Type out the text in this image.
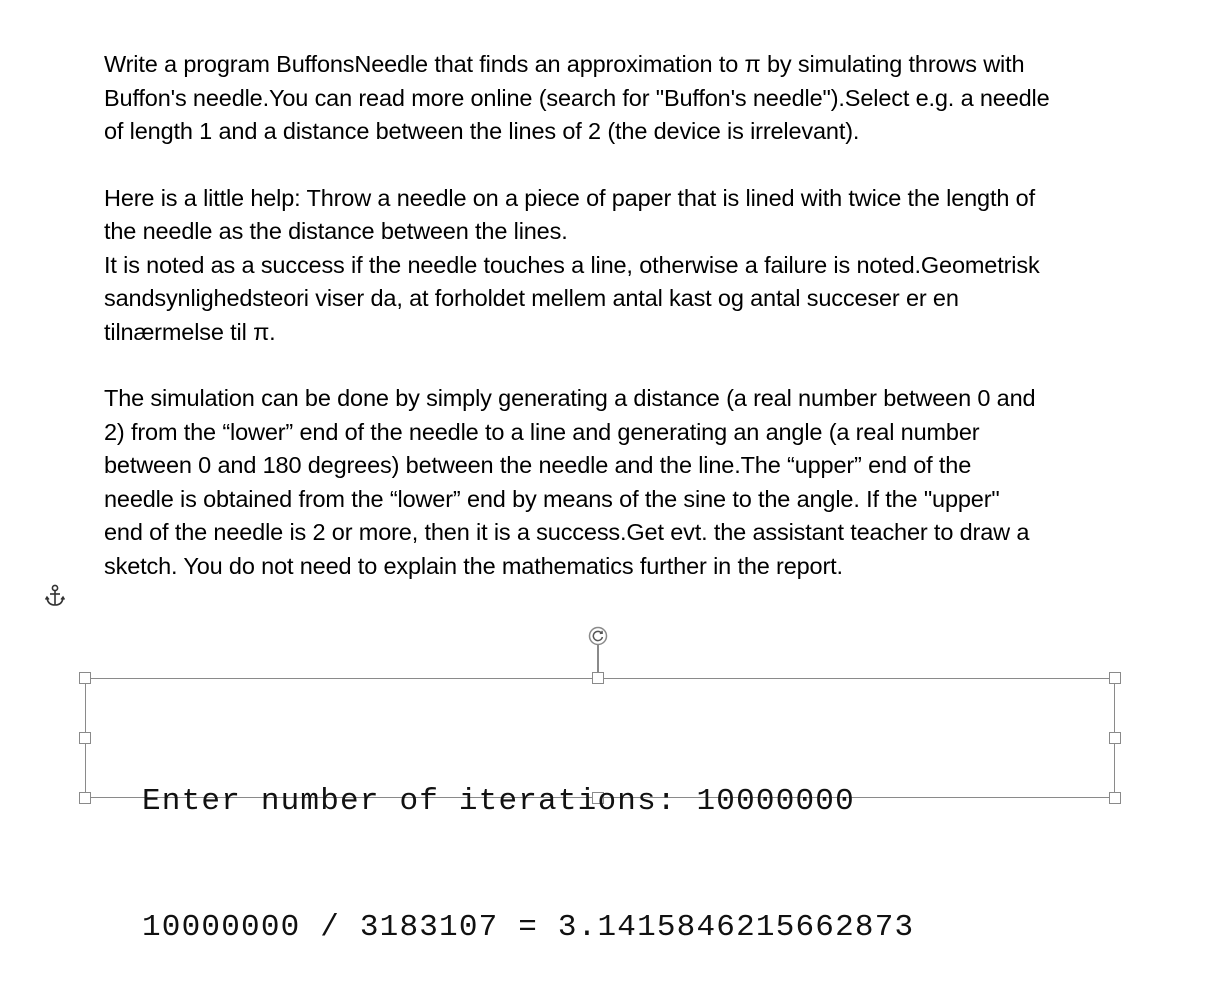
Write a program BuffonsNeedle that finds an approximation to π by simulating throws with
Buffon's needle.You can read more online (search for "Buffon's needle").Select e.g. a needle
of length 1 and a distance between the lines of 2 (the device is irrelevant).

Here is a little help: Throw a needle on a piece of paper that is lined with twice the length of
the needle as the distance between the lines.
It is noted as a success if the needle touches a line, otherwise a failure is noted.Geometrisk
sandsynlighedsteori viser da, at forholdet mellem antal kast og antal succeser er en
tilnærmelse til π.

The simulation can be done by simply generating a distance (a real number between 0 and
2) from the “lower” end of the needle to a line and generating an angle (a real number
between 0 and 180 degrees) between the needle and the line.The “upper” end of the
needle is obtained from the “lower” end by means of the sine to the angle. If the "upper"
end of the needle is 2 or more, then it is a success.Get evt. the assistant teacher to draw a
sketch. You do not need to explain the mathematics further in the report.

Enter number of iterations: 10000000

10000000 / 3183107 = 3.1415846215662873
